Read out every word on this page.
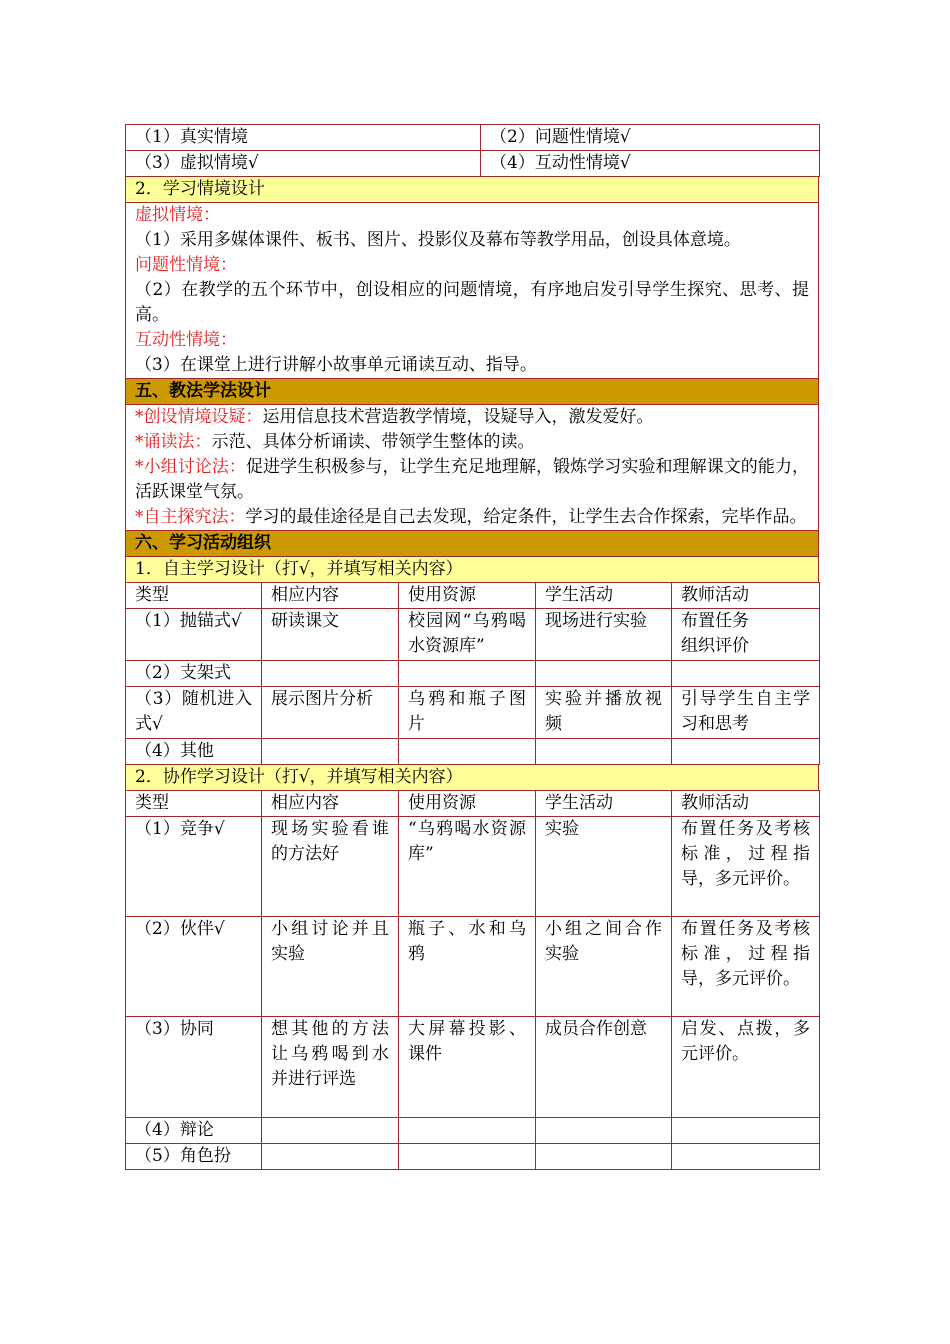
（1）真实情境	（2）问题性情境√
（3）虚拟情境√	（4）互动性情境√
2．学习情境设计

虚拟情境：
（1）采用多媒体课件、板书、图片、投影仪及幕布等教学用品，创设具体意境。
问题性情境：
（2）在教学的五个环节中，创设相应的问题情境，有序地启发引导学生探究、思考、提高。
互动性情境：
（3）在课堂上进行讲解小故事单元诵读互动、指导。

五、教法学法设计

*创设情境设疑：运用信息技术营造教学情境，设疑导入，激发爱好。
*诵读法：示范、具体分析诵读、带领学生整体的读。
*小组讨论法：促进学生积极参与，让学生充足地理解，锻炼学习实验和理解课文的能力，活跃课堂气氛。
*自主探究法：学习的最佳途径是自己去发现，给定条件，让学生去合作探索，完毕作品。

六、学习活动组织
1．自主学习设计（打√，并填写相关内容）
类型	相应内容	使用资源	学生活动	教师活动
（1）抛锚式√	研读课文	校园网“乌鸦喝水资源库”	现场进行实验	布置任务
组织评价
（2）支架式				
（3）随机进入式√	展示图片分析	乌鸦和瓶子图片	实验并播放视频	引导学生自主学习和思考
（4）其他				
2．协作学习设计（打√，并填写相关内容）
类型	相应内容	使用资源	学生活动	教师活动
（1）竞争√	现场实验看谁的方法好	“乌鸦喝水资源库”	实验	布置任务及考核标准，过程指导，多元评价。
（2）伙伴√	小组讨论并且实验	瓶子、水和乌鸦	小组之间合作实验	布置任务及考核标准，过程指导，多元评价。
（3）协同	想其他的方法让乌鸦喝到水并进行评选	大屏幕投影、课件	成员合作创意	启发、点拨，多元评价。
（4）辩论				
（5）角色扮				
